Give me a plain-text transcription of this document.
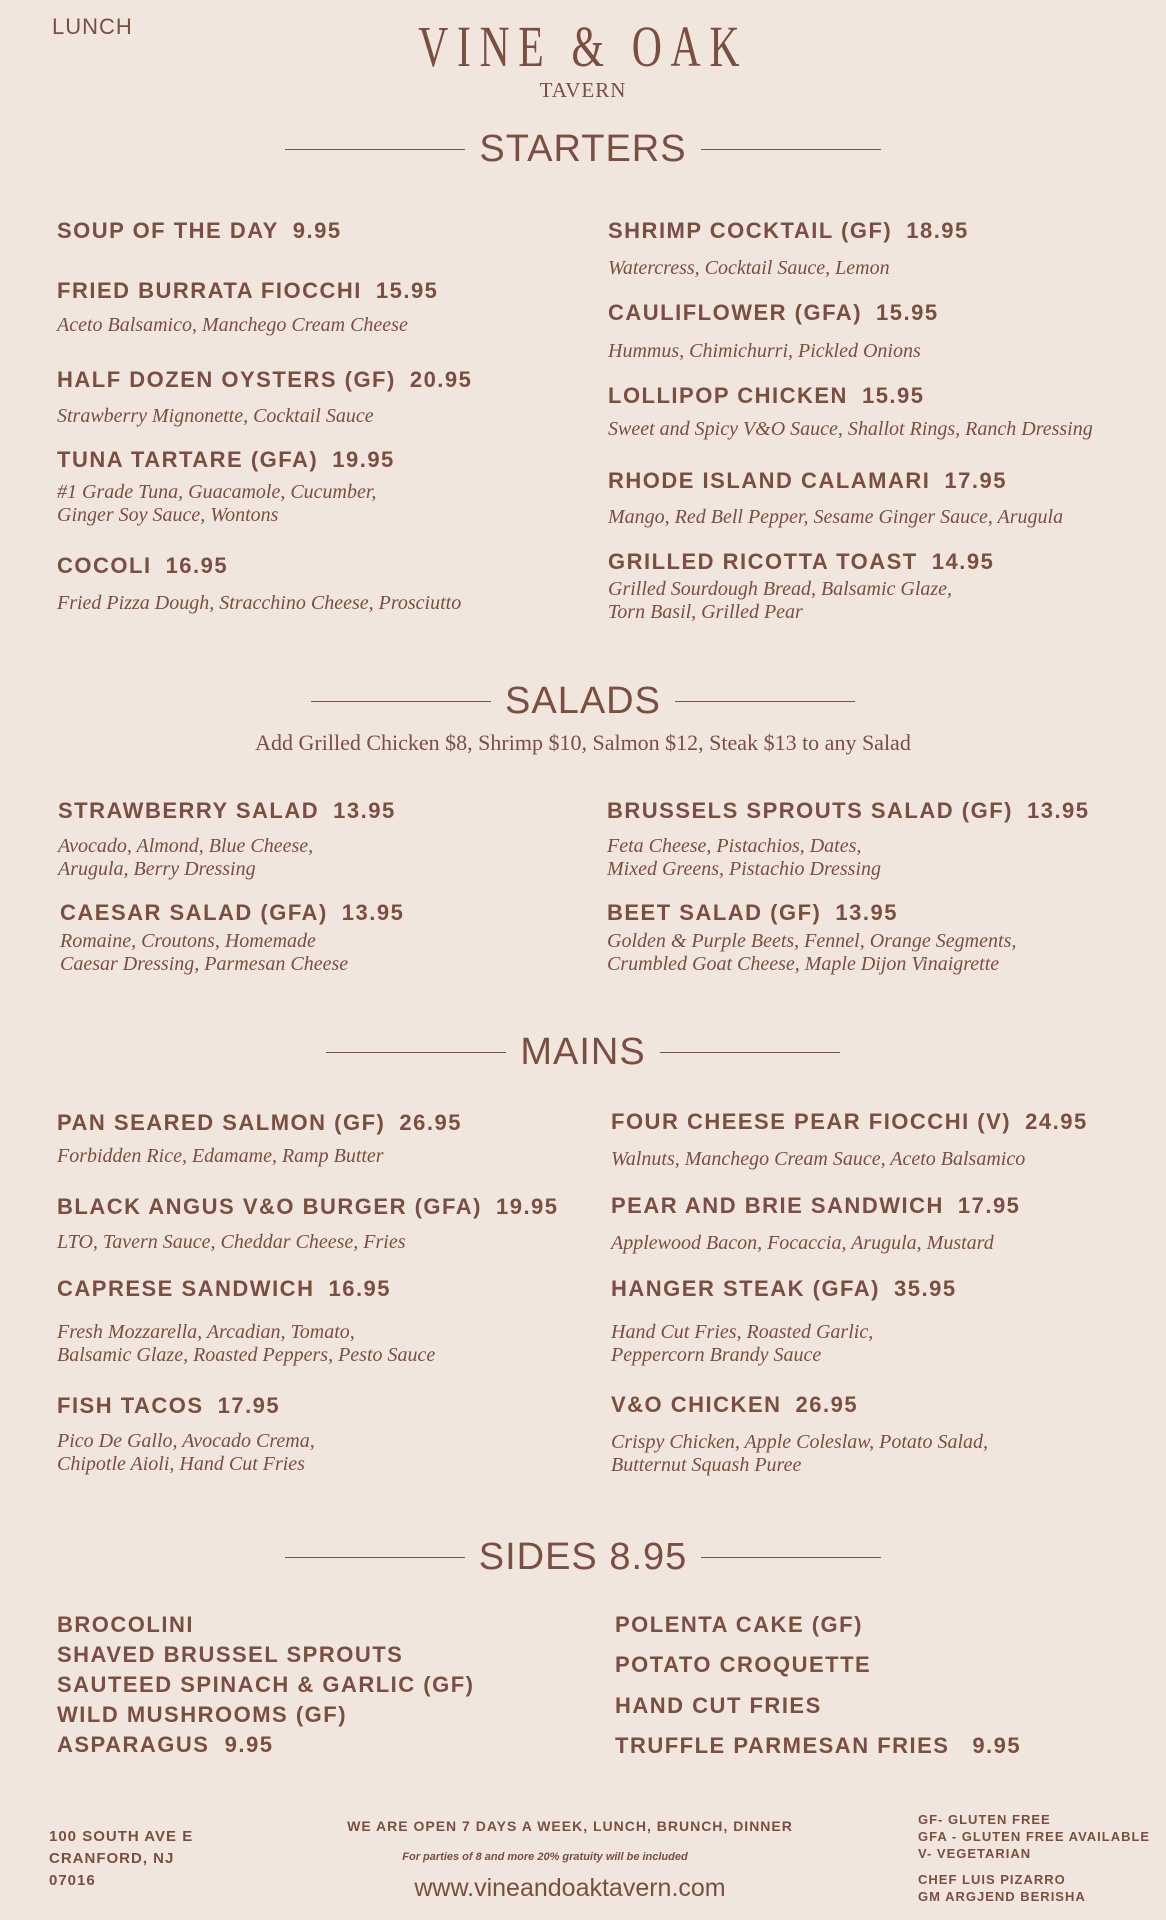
LUNCH	VINE & OAK
TAVERN
STARTERS
SOUP OF THE DAY 9.95
FRIED BURRATA FIOCCHI 15.95
Aceto Balsamico, Manchego Cream Cheese
HALF DOZEN OYSTERS (GF) 20.95
Strawberry Mignonette, Cocktail Sauce
TUNA TARTARE (GFA) 19.95
#1 Grade Tuna, Guacamole, Cucumber,
Ginger Soy Sauce, Wontons
COCOLI 16.95
Fried Pizza Dough, Stracchino Cheese, Prosciutto
SHRIMP COCKTAIL (GF) 18.95
Watercress, Cocktail Sauce, Lemon
CAULIFLOWER (GFA) 15.95
Hummus, Chimichurri, Pickled Onions
LOLLIPOP CHICKEN 15.95
Sweet and Spicy V&O Sauce, Shallot Rings, Ranch Dressing
RHODE ISLAND CALAMARI 17.95
Mango, Red Bell Pepper, Sesame Ginger Sauce, Arugula
GRILLED RICOTTA TOAST 14.95
Grilled Sourdough Bread, Balsamic Glaze,
Torn Basil, Grilled Pear
SALADS
Add Grilled Chicken $8, Shrimp $10, Salmon $12, Steak $13 to any Salad
STRAWBERRY SALAD 13.95
Avocado, Almond, Blue Cheese,
Arugula, Berry Dressing
CAESAR SALAD (GFA) 13.95
Romaine, Croutons, Homemade
Caesar Dressing, Parmesan Cheese
BRUSSELS SPROUTS SALAD (GF) 13.95
Feta Cheese, Pistachios, Dates,
Mixed Greens, Pistachio Dressing
BEET SALAD (GF) 13.95
Golden & Purple Beets, Fennel, Orange Segments,
Crumbled Goat Cheese, Maple Dijon Vinaigrette
MAINS
PAN SEARED SALMON (GF) 26.95
Forbidden Rice, Edamame, Ramp Butter
BLACK ANGUS V&O BURGER (GFA) 19.95
LTO, Tavern Sauce, Cheddar Cheese, Fries
CAPRESE SANDWICH 16.95
Fresh Mozzarella, Arcadian, Tomato,
Balsamic Glaze, Roasted Peppers, Pesto Sauce
FISH TACOS 17.95
Pico De Gallo, Avocado Crema,
Chipotle Aioli, Hand Cut Fries
FOUR CHEESE PEAR FIOCCHI (V) 24.95
Walnuts, Manchego Cream Sauce, Aceto Balsamico
PEAR AND BRIE SANDWICH 17.95
Applewood Bacon, Focaccia, Arugula, Mustard
HANGER STEAK (GFA) 35.95
Hand Cut Fries, Roasted Garlic,
Peppercorn Brandy Sauce
V&O CHICKEN 26.95
Crispy Chicken, Apple Coleslaw, Potato Salad,
Butternut Squash Puree
SIDES 8.95
BROCOLINI
SHAVED BRUSSEL SPROUTS
SAUTEED SPINACH & GARLIC (GF)
WILD MUSHROOMS (GF)
ASPARAGUS  9.95
POLENTA CAKE (GF)
POTATO CROQUETTE
HAND CUT FRIES
TRUFFLE PARMESAN FRIES   9.95
100 SOUTH AVE E
CRANFORD, NJ
07016
WE ARE OPEN 7 DAYS A WEEK, LUNCH, BRUNCH, DINNER
For parties of 8 and more 20% gratuity will be included
www.vineandoaktavern.com
GF- GLUTEN FREE
GFA - GLUTEN FREE AVAILABLE
V- VEGETARIAN
CHEF LUIS PIZARRO
GM ARGJEND BERISHA
